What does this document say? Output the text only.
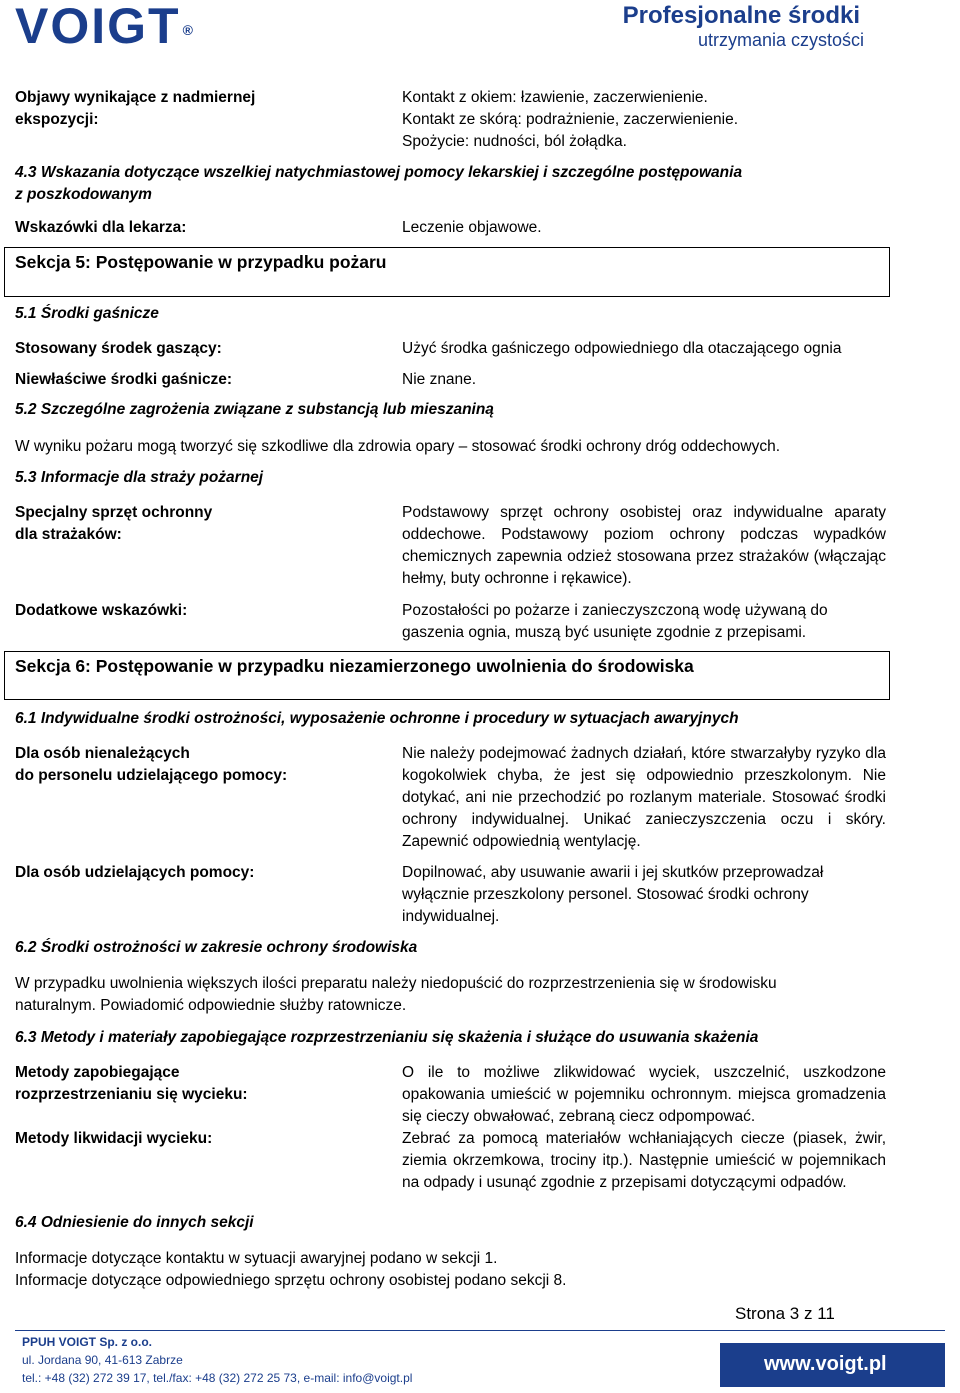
VOIGT ®
Profesjonalne środki
utrzymania czystości
Objawy wynikające z nadmiernej
ekspozycji:
Kontakt z okiem: łzawienie, zaczerwienienie.
Kontakt ze skórą: podrażnienie, zaczerwienienie.
Spożycie: nudności, ból żołądka.
4.3 Wskazania dotyczące wszelkiej natychmiastowej pomocy lekarskiej i szczególne postępowania
z poszkodowanym
Wskazówki dla lekarza:	Leczenie objawowe.
Sekcja 5: Postępowanie w przypadku pożaru
5.1 Środki gaśnicze
Stosowany środek gaszący:	Użyć środka gaśniczego odpowiedniego dla otaczającego ognia
Niewłaściwe środki gaśnicze:	Nie znane.
5.2 Szczególne zagrożenia związane z substancją lub mieszaniną
W wyniku pożaru mogą tworzyć się szkodliwe dla zdrowia opary – stosować środki ochrony dróg oddechowych.
5.3 Informacje dla straży pożarnej
Specjalny sprzęt ochronny
dla strażaków:
Podstawowy sprzęt ochrony osobistej oraz indywidualne aparaty oddechowe. Podstawowy poziom ochrony podczas wypadków chemicznych zapewnia odzież stosowana przez strażaków (włączając hełmy, buty ochronne i rękawice).
Dodatkowe wskazówki:	Pozostałości po pożarze i zanieczyszczoną wodę używaną do gaszenia ognia, muszą być usunięte zgodnie z przepisami.
Sekcja 6: Postępowanie w przypadku niezamierzonego uwolnienia do środowiska
6.1 Indywidualne środki ostrożności, wyposażenie ochronne i procedury w sytuacjach awaryjnych
Dla osób nienależących
do personelu udzielającego pomocy:
Nie należy podejmować żadnych działań, które stwarzałyby ryzyko dla kogokolwiek chyba, że jest się odpowiednio przeszkolonym. Nie dotykać, ani nie przechodzić po rozlanym materiale. Stosować środki ochrony indywidualnej. Unikać zanieczyszczenia oczu i skóry. Zapewnić odpowiednią wentylację.
Dla osób udzielających pomocy:	Dopilnować, aby usuwanie awarii i jej skutków przeprowadzał wyłącznie przeszkolony personel. Stosować środki ochrony indywidualnej.
6.2 Środki ostrożności w zakresie ochrony środowiska
W przypadku uwolnienia większych ilości preparatu należy niedopuścić do rozprzestrzenienia się w środowisku naturalnym. Powiadomić odpowiednie służby ratownicze.
6.3 Metody i materiały zapobiegające rozprzestrzenianiu się skażenia i służące do usuwania skażenia
Metody zapobiegające
rozprzestrzenianiu się wycieku:
O ile to możliwe zlikwidować wyciek, uszczelnić, uszkodzone opakowania umieścić w pojemniku ochronnym. miejsca gromadzenia się cieczy obwałować, zebraną ciecz odpompować.
Metody likwidacji wycieku:	Zebrać za pomocą materiałów wchłaniających ciecze (piasek, żwir, ziemia okrzemkowa, trociny itp.). Następnie umieścić w pojemnikach na odpady i usunąć zgodnie z przepisami dotyczącymi odpadów.
6.4 Odniesienie do innych sekcji
Informacje dotyczące kontaktu w sytuacji awaryjnej podano w sekcji 1.
Informacje dotyczące odpowiedniego sprzętu ochrony osobistej podano sekcji 8.
Strona 3 z 11
PPUH VOIGT Sp. z o.o.
ul. Jordana 90, 41-613 Zabrze
tel.: +48 (32) 272 39 17, tel./fax: +48 (32) 272 25 73, e-mail: info@voigt.pl
www.voigt.pl
